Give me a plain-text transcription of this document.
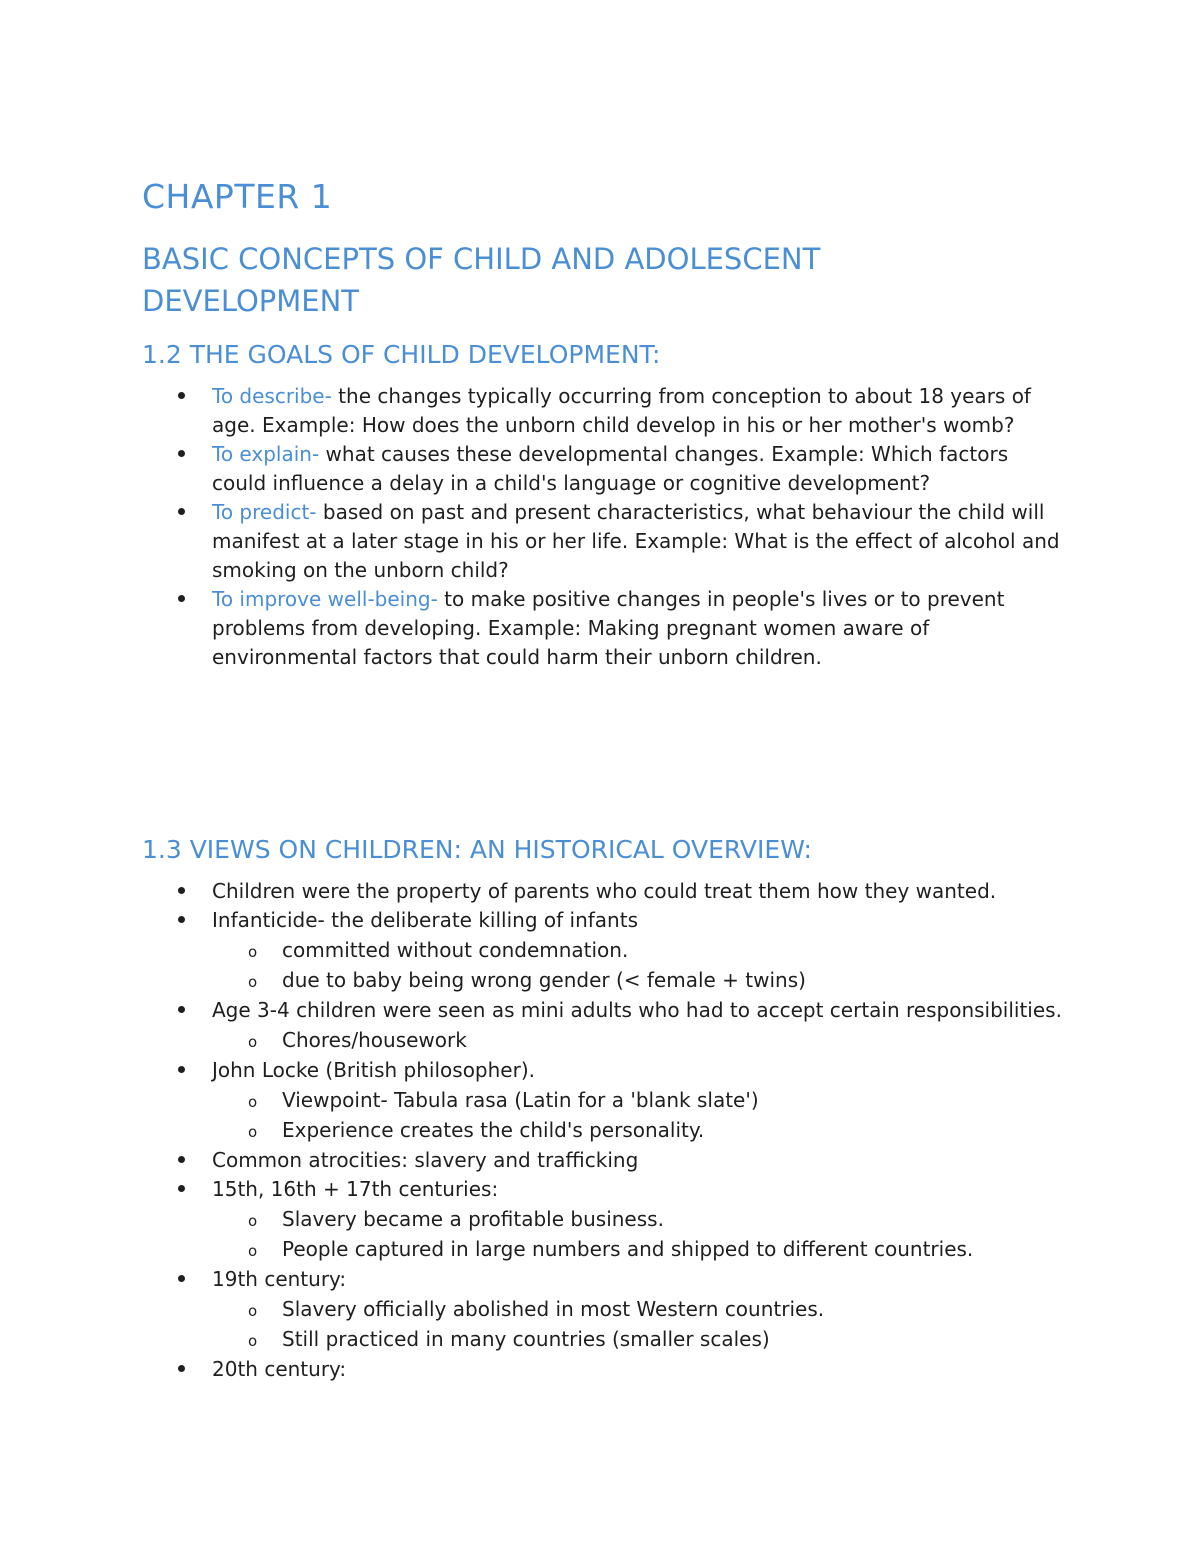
CHAPTER 1
BASIC CONCEPTS OF CHILD AND ADOLESCENT DEVELOPMENT
1.2 THE GOALS OF CHILD DEVELOPMENT:
To describe- the changes typically occurring from conception to about 18 years of age. Example: How does the unborn child develop in his or her mother's womb?
To explain- what causes these developmental changes. Example: Which factors could influence a delay in a child's language or cognitive development?
To predict- based on past and present characteristics, what behaviour the child will manifest at a later stage in his or her life. Example: What is the effect of alcohol and smoking on the unborn child?
To improve well-being- to make positive changes in people's lives or to prevent problems from developing. Example: Making pregnant women aware of environmental factors that could harm their unborn children.
1.3 VIEWS ON CHILDREN: AN HISTORICAL OVERVIEW:
Children were the property of parents who could treat them how they wanted.
Infanticide- the deliberate killing of infants
o committed without condemnation.
o due to baby being wrong gender (< female + twins)
Age 3-4 children were seen as mini adults who had to accept certain responsibilities.
o Chores/housework
John Locke (British philosopher).
o Viewpoint- Tabula rasa (Latin for a 'blank slate')
o Experience creates the child's personality.
Common atrocities: slavery and trafficking
15th, 16th + 17th centuries:
o Slavery became a profitable business.
o People captured in large numbers and shipped to different countries.
19th century:
o Slavery officially abolished in most Western countries.
o Still practiced in many countries (smaller scales)
20th century:
